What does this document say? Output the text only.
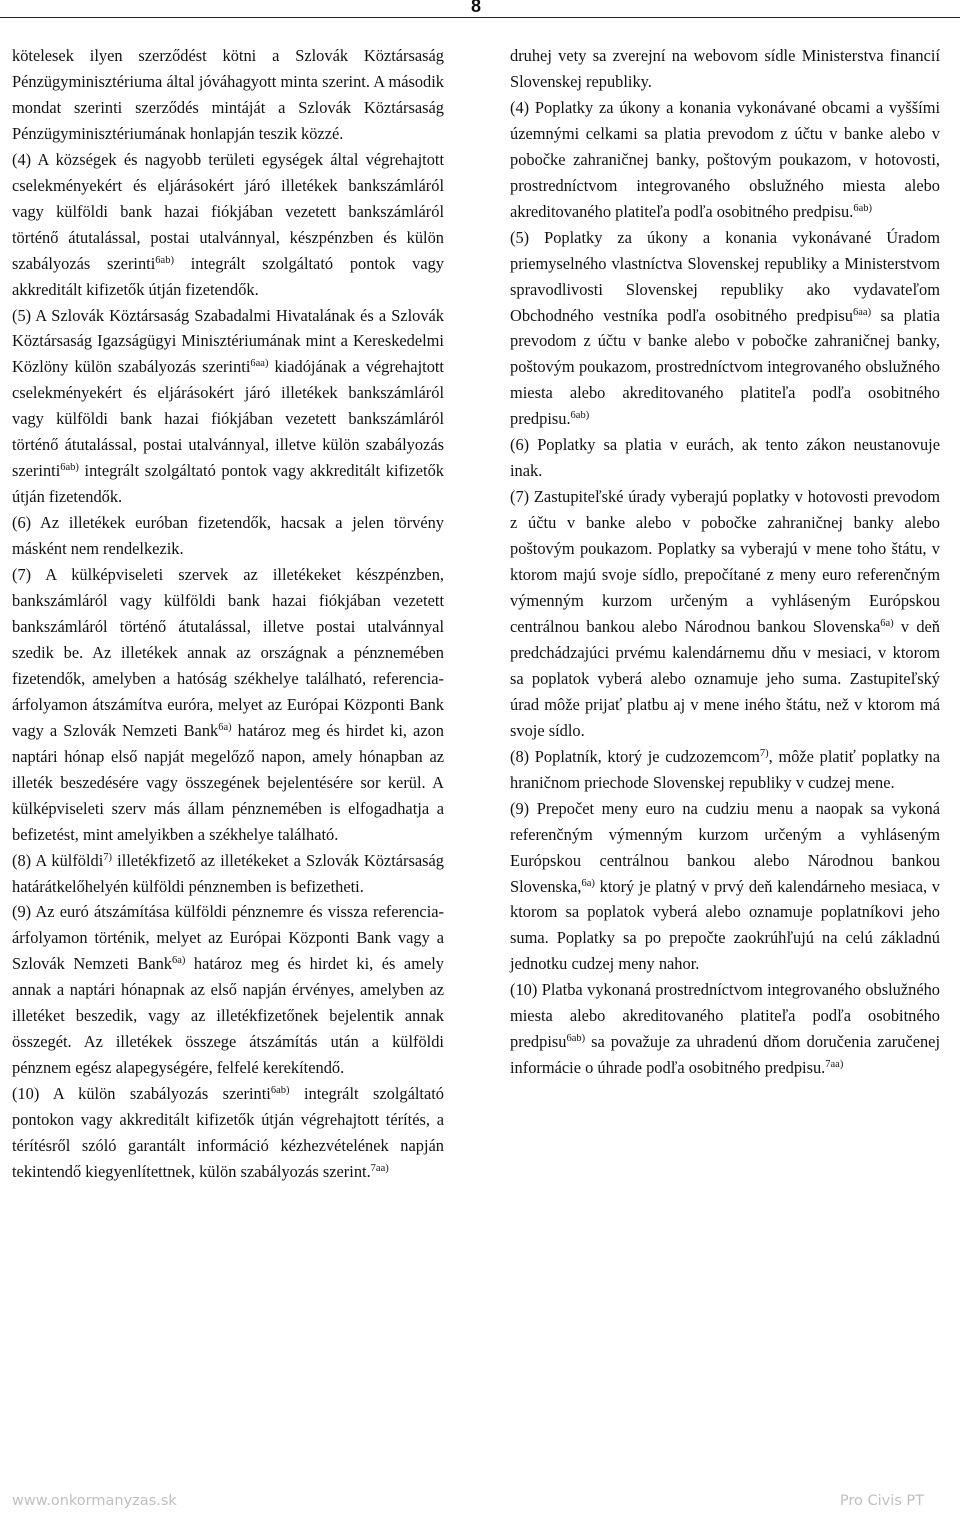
8

kötelesek ilyen szerződést kötni a Szlovák Köztársaság Pénzügyminisztériuma által jóváhagyott minta szerint. A második mondat szerinti szerződés mintáját a Szlovák Köztársaság Pénzügyminisztériumának honlapján teszik közzé.

(4) A községek és nagyobb területi egységek által végrehajtott cselekményekért és eljárásokért járó illetékek bankszámláról vagy külföldi bank hazai fiókjában vezetett bankszámláról történő átutalással, postai utalvánnyal, készpénzben és külön szabályozás szerinti$^{6ab)}$ integrált szolgáltató pontok vagy akkreditált kifizetők útján fizetendők.

(5) A Szlovák Köztársaság Szabadalmi Hivatalának és a Szlovák Köztársaság Igazságügyi Minisztériumának mint a Kereskedelmi Közlöny külön szabályozás szerinti$^{6aa)}$ kiadójának a végrehajtott cselekményekért és eljárásokért járó illetékek bankszámláról vagy külföldi bank hazai fiókjában vezetett bankszámláról történő átutalással, postai utalvánnyal, illetve külön szabályozás szerinti$^{6ab)}$ integrált szolgáltató pontok vagy akkreditált kifizetők útján fizetendők.

(6) Az illetékek euróban fizetendők, hacsak a jelen törvény másként nem rendelkezik.

(7) A külképviseleti szervek az illetékeket készpénzben, bankszámláról vagy külföldi bank hazai fiókjában vezetett bankszámláról történő átutalással, illetve postai utalvánnyal szedik be. Az illetékek annak az országnak a pénznemében fizetendők, amelyben a hatóság székhelye található, referencia-árfolyamon átszámítva euróra, melyet az Európai Központi Bank vagy a Szlovák Nemzeti Bank$^{6a)}$ határoz meg és hirdet ki, azon naptári hónap első napját megelőző napon, amely hónapban az illeték beszedésére vagy összegének bejelentésére sor kerül. A külképviseleti szerv más állam pénznemében is elfogadhatja a befizetést, mint amelyikben a székhelye található.

(8) A külföldi$^{7)}$ illetékfizető az illetékeket a Szlovák Köztársaság határátkelőhelyén külföldi pénznemben is befizetheti.

(9) Az euró átszámítása külföldi pénznemre és vissza referencia-árfolyamon történik, melyet az Európai Központi Bank vagy a Szlovák Nemzeti Bank$^{6a)}$ határoz meg és hirdet ki, és amely annak a naptári hónapnak az első napján érvényes, amelyben az illetéket beszedik, vagy az illetékfizetőnek bejelentik annak összegét. Az illetékek összege átszámítás után a külföldi pénznem egész alapegységére, felfelé kerekítendő.

(10) A külön szabályozás szerinti$^{6ab)}$ integrált szolgáltató pontokon vagy akkreditált kifizetők útján végrehajtott térítés, a térítésről szóló garantált információ kézhezvételének napján tekintendő kiegyenlítettnek, külön szabályozás szerint.$^{7aa)}$

druhej vety sa zverejní na webovom sídle Ministerstva financií Slovenskej republiky.

(4) Poplatky za úkony a konania vykonávané obcami a vyššími územnými celkami sa platia prevodom z účtu v banke alebo v pobočke zahraničnej banky, poštovým poukazom, v hotovosti, prostredníctvom integrovaného obslužného miesta alebo akreditovaného platiteľa podľa osobitného predpisu.$^{6ab)}$

(5) Poplatky za úkony a konania vykonávané Úradom priemyselného vlastníctva Slovenskej republiky a Ministerstvom spravodlivosti Slovenskej republiky ako vydavateľom Obchodného vestníka podľa osobitného predpisu$^{6aa)}$ sa platia prevodom z účtu v banke alebo v pobočke zahraničnej banky, poštovým poukazom, prostredníctvom integrovaného obslužného miesta alebo akreditovaného platiteľa podľa osobitného predpisu.$^{6ab)}$

(6) Poplatky sa platia v eurách, ak tento zákon neustanovuje inak.

(7) Zastupiteľské úrady vyberajú poplatky v hotovosti prevodom z účtu v banke alebo v pobočke zahraničnej banky alebo poštovým poukazom. Poplatky sa vyberajú v mene toho štátu, v ktorom majú svoje sídlo, prepočítané z meny euro referenčným výmenným kurzom určeným a vyhláseným Európskou centrálnou bankou alebo Národnou bankou Slovenska$^{6a)}$ v deň predchádzajúci prvému kalendárnemu dňu v mesiaci, v ktorom sa poplatok vyberá alebo oznamuje jeho suma. Zastupiteľský úrad môže prijať platbu aj v mene iného štátu, než v ktorom má svoje sídlo.

(8) Poplatník, ktorý je cudzozemcom$^{7)}$, môže platiť poplatky na hraničnom priechode Slovenskej republiky v cudzej mene.

(9) Prepočet meny euro na cudziu menu a naopak sa vykoná referenčným výmenným kurzom určeným a vyhláseným Európskou centrálnou bankou alebo Národnou bankou Slovenska,$^{6a)}$ ktorý je platný v prvý deň kalendárneho mesiaca, v ktorom sa poplatok vyberá alebo oznamuje poplatníkovi jeho suma. Poplatky sa po prepočte zaokrúhľujú na celú základnú jednotku cudzej meny nahor.

(10) Platba vykonaná prostredníctvom integrovaného obslužného miesta alebo akreditovaného platiteľa podľa osobitného predpisu$^{6ab)}$ sa považuje za uhradenú dňom doručenia zaručenej informácie o úhrade podľa osobitného predpisu.$^{7aa)}$

www.onkormanyzas.sk	Pro Civis PT
